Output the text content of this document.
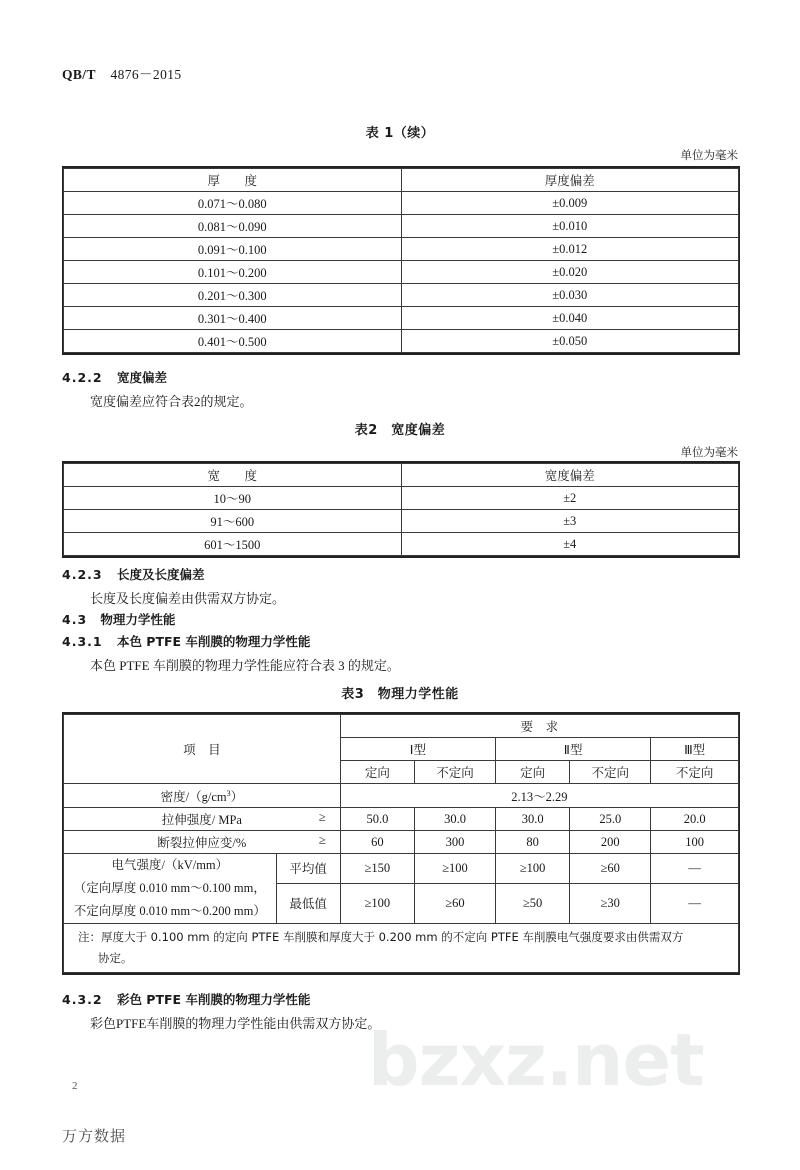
bzxz.net
QB/T 4876－2015
表 1（续）
单位为毫米
厚　度	厚度偏差
0.071～0.080	±0.009
0.081～0.090	±0.010
0.091～0.100	±0.012
0.101～0.200	±0.020
0.201～0.300	±0.030
0.301～0.400	±0.040
0.401～0.500	±0.050
4.2.2 宽度偏差
宽度偏差应符合表2的规定。
表2　宽度偏差
单位为毫米
宽　度	宽度偏差
10～90	±2
91～600	±3
601～1500	±4
4.2.3 长度及长度偏差
长度及长度偏差由供需双方协定。
4.3 物理力学性能
4.3.1 本色 PTFE 车削膜的物理力学性能
本色 PTFE 车削膜的物理力学性能应符合表 3 的规定。
表3　物理力学性能
项　目		要　求				
		Ⅰ型		Ⅱ型		Ⅲ型
		定向	不定向	定向	不定向	不定向
密度$/(g/cm^3)$		2.13～2.29				
拉伸强度/ MPa ≥		50.0	30.0	30.0	25.0	20.0
断裂拉伸应变/% ≥		60	300	80	200	100

电气强度/（kV/mm）
（定向厚度 0.010 mm～0.100 mm，
不定向厚度 0.010 mm～0.200 mm）	平均值	≥150	≥100	≥100	≥60	—
	最低值	≥100	≥60	≥50	≥30	—
注：厚度大于 0.100 mm 的定向 PTFE 车削膜和厚度大于 0.200 mm 的不定向 PTFE 车削膜电气强度要求由供需双方
协定。						
4.3.2 彩色 PTFE 车削膜的物理力学性能
彩色PTFE车削膜的物理力学性能由供需双方协定。
2
万方数据
